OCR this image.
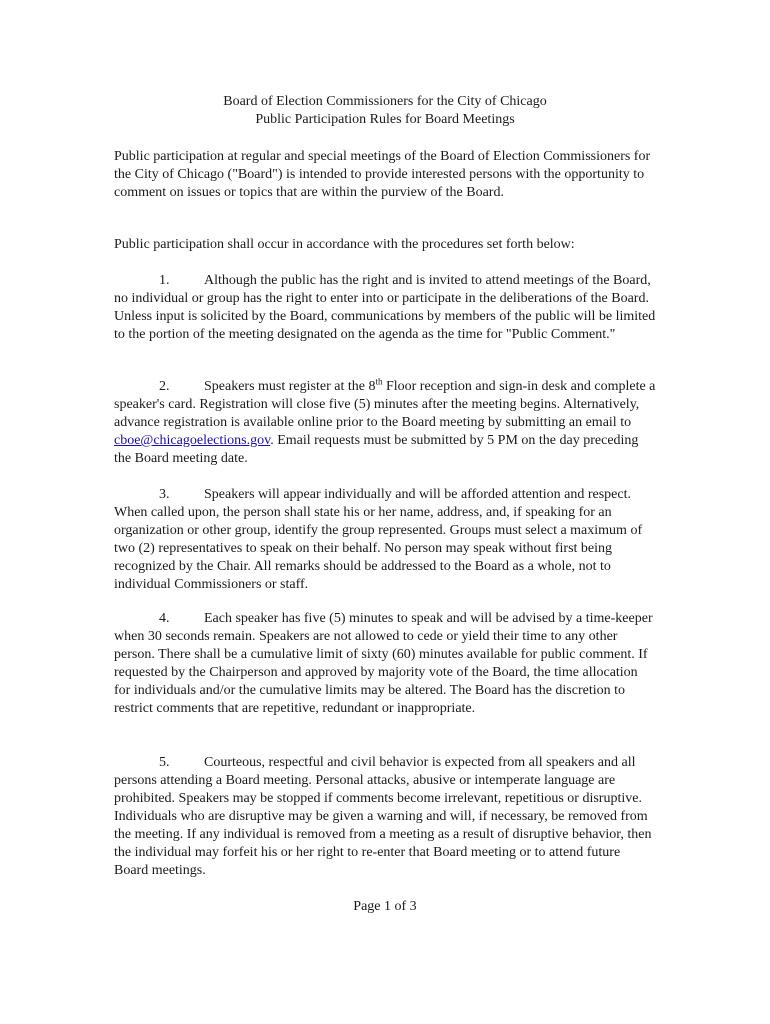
Board of Election Commissioners for the City of Chicago
Public Participation Rules for Board Meetings

Public participation at regular and special meetings of the Board of Election Commissioners for the City of Chicago ("Board") is intended to provide interested persons with the opportunity to comment on issues or topics that are within the purview of the Board.

Public participation shall occur in accordance with the procedures set forth below:

1. Although the public has the right and is invited to attend meetings of the Board, no individual or group has the right to enter into or participate in the deliberations of the Board. Unless input is solicited by the Board, communications by members of the public will be limited to the portion of the meeting designated on the agenda as the time for "Public Comment."

2. Speakers must register at the 8th Floor reception and sign-in desk and complete a speaker's card. Registration will close five (5) minutes after the meeting begins. Alternatively, advance registration is available online prior to the Board meeting by submitting an email to cboe@chicagoelections.gov. Email requests must be submitted by 5 PM on the day preceding the Board meeting date.

3. Speakers will appear individually and will be afforded attention and respect. When called upon, the person shall state his or her name, address, and, if speaking for an organization or other group, identify the group represented. Groups must select a maximum of two (2) representatives to speak on their behalf. No person may speak without first being recognized by the Chair. All remarks should be addressed to the Board as a whole, not to individual Commissioners or staff.

4. Each speaker has five (5) minutes to speak and will be advised by a time-keeper when 30 seconds remain. Speakers are not allowed to cede or yield their time to any other person. There shall be a cumulative limit of sixty (60) minutes available for public comment. If requested by the Chairperson and approved by majority vote of the Board, the time allocation for individuals and/or the cumulative limits may be altered. The Board has the discretion to restrict comments that are repetitive, redundant or inappropriate.

5. Courteous, respectful and civil behavior is expected from all speakers and all persons attending a Board meeting. Personal attacks, abusive or intemperate language are prohibited. Speakers may be stopped if comments become irrelevant, repetitious or disruptive. Individuals who are disruptive may be given a warning and will, if necessary, be removed from the meeting. If any individual is removed from a meeting as a result of disruptive behavior, then the individual may forfeit his or her right to re-enter that Board meeting or to attend future Board meetings.

Page 1 of 3
